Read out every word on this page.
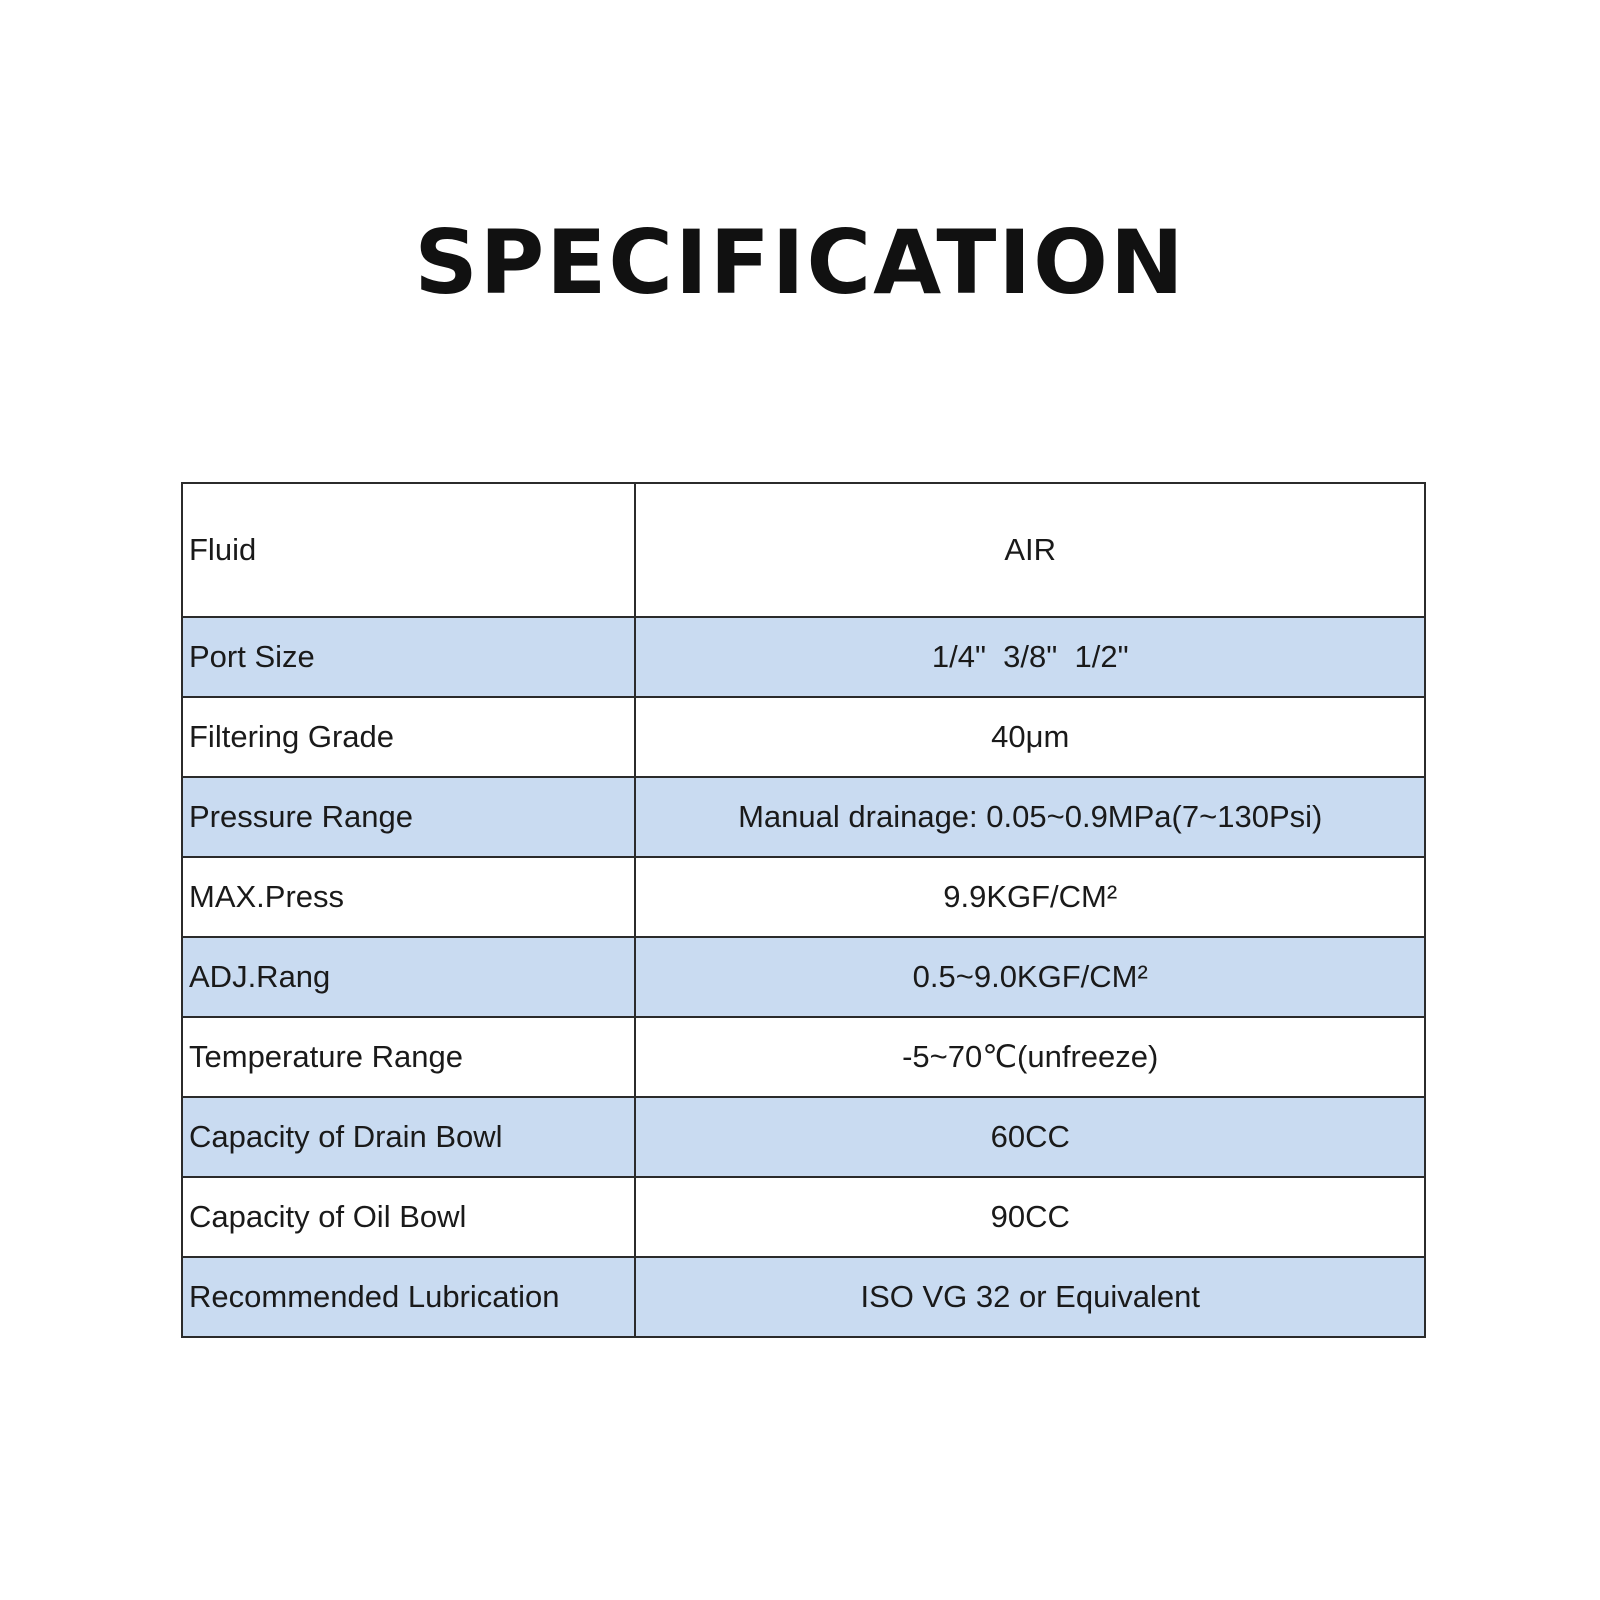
SPECIFICATION
Fluid	AIR
Port Size	1/4"  3/8"  1/2"
Filtering Grade	40μm
Pressure Range	Manual drainage: 0.05~0.9MPa(7~130Psi)
MAX.Press	9.9KGF/CM²
ADJ.Rang	0.5~9.0KGF/CM²
Temperature Range	-5~70℃(unfreeze)
Capacity of Drain Bowl	60CC
Capacity of Oil Bowl	90CC
Recommended Lubrication	ISO VG 32 or Equivalent
